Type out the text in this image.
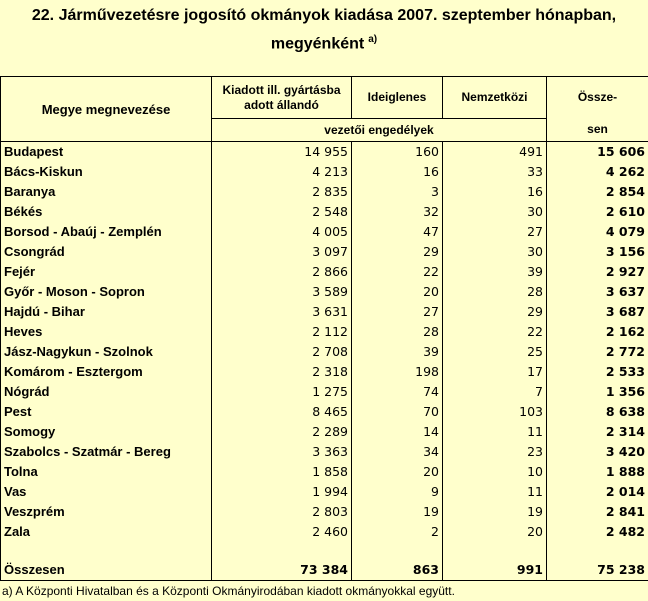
22. Járművezetésre jogosító okmányok kiadása 2007. szeptember hónapban,
megyénként $^{a)}$
Megye megnevezése	Kiadott ill. gyártásba adott állandó	Ideiglenes	Nemzetközi	Össze-
	vezetői engedélyek			sen
Budapest	14 955	160	491	15 606
Bács-Kiskun	4 213	16	33	4 262
Baranya	2 835	3	16	2 854
Békés	2 548	32	30	2 610
Borsod - Abaúj - Zemplén	4 005	47	27	4 079
Csongrád	3 097	29	30	3 156
Fejér	2 866	22	39	2 927
Győr - Moson - Sopron	3 589	20	28	3 637
Hajdú - Bihar	3 631	27	29	3 687
Heves	2 112	28	22	2 162
Jász-Nagykun - Szolnok	2 708	39	25	2 772
Komárom - Esztergom	2 318	198	17	2 533
Nógrád	1 275	74	7	1 356
Pest	8 465	70	103	8 638
Somogy	2 289	14	11	2 314
Szabolcs - Szatmár - Bereg	3 363	34	23	3 420
Tolna	1 858	20	10	1 888
Vas	1 994	9	11	2 014
Veszprém	2 803	19	19	2 841
Zala	2 460	2	20	2 482

Összesen	73 384	863	991	75 238
a) A Központi Hivatalban és a Központi Okmányirodában kiadott okmányokkal együtt.
